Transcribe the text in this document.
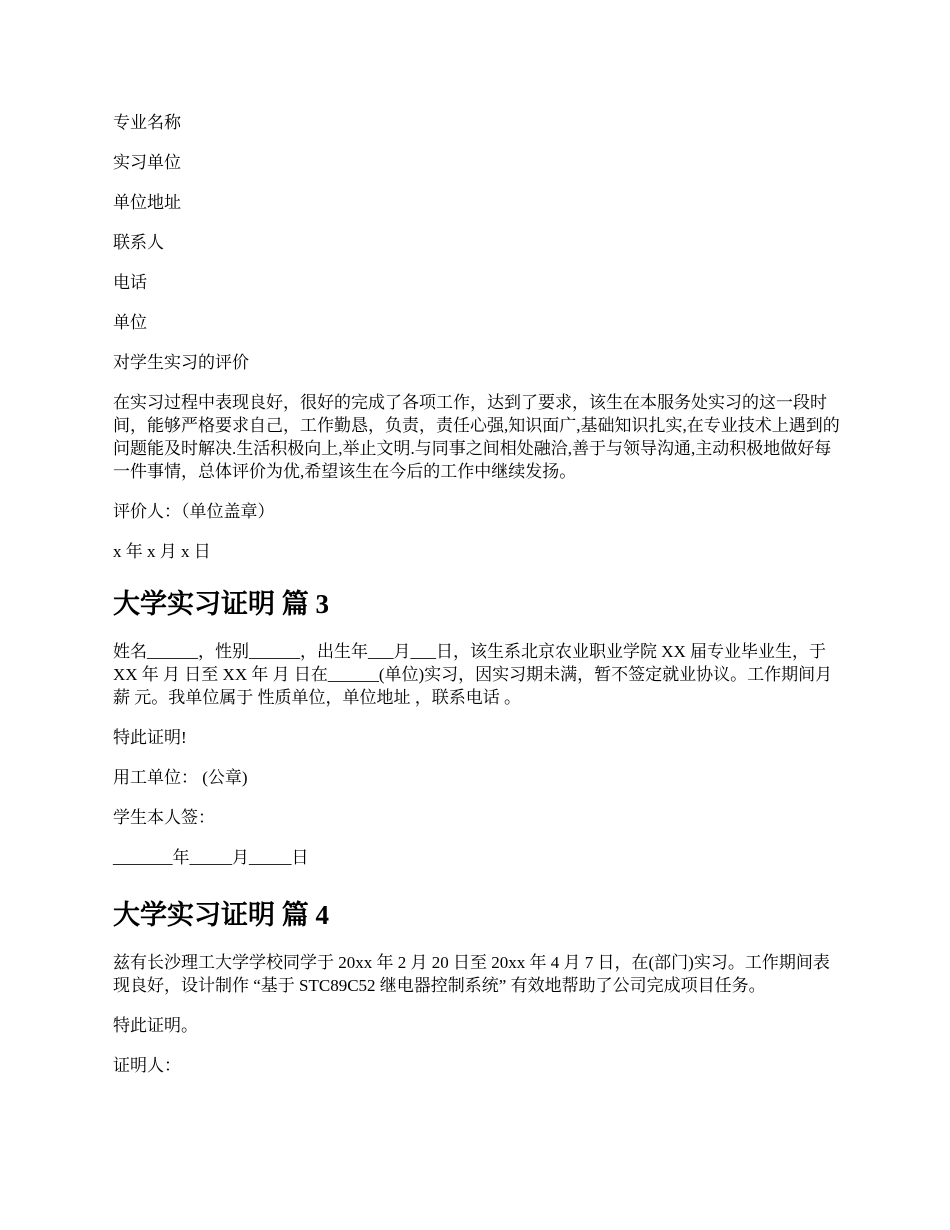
专业名称

实习单位

单位地址

联系人

电话

单位

对学生实习的评价

在实习过程中表现良好，很好的完成了各项工作，达到了要求，该生在本服务处实习的这一段时间，能够严格要求自己，工作勤恳，负责，责任心强,知识面广,基础知识扎实,在专业技术上遇到的问题能及时解决.生活积极向上,举止文明.与同事之间相处融洽,善于与领导沟通,主动积极地做好每一件事情，总体评价为优,希望该生在今后的工作中继续发扬。

评价人：（单位盖章）

x 年 x 月 x 日

大学实习证明 篇 3

姓名______，性别______，出生年___月___日，该生系北京农业职业学院 XX 届专业毕业生，于 XX 年 月 日至 XX 年 月 日在______(单位)实习，因实习期未满，暂不签定就业协议。工作期间月薪 元。我单位属于 性质单位，单位地址 ，联系电话 。

特此证明!

用工单位： (公章)

学生本人签：

_______年_____月_____日

大学实习证明 篇 4

兹有长沙理工大学学校同学于 20xx 年 2 月 20 日至 20xx 年 4 月 7 日，在(部门)实习。工作期间表现良好，设计制作 “基于 STC89C52 继电器控制系统” 有效地帮助了公司完成项目任务。

特此证明。

证明人：
